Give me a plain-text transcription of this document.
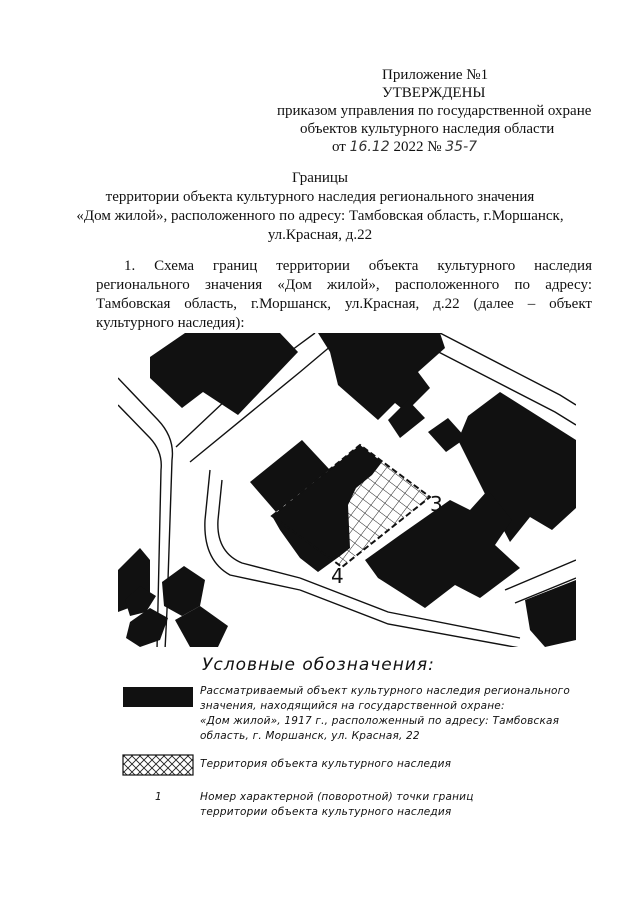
Приложение №1
УТВЕРЖДЕНЫ
приказом управления по государственной охране
объектов культурного наследия области
от 16.12 2022 № 35-7
Границы
территории объекта культурного наследия регионального значения
«Дом жилой», расположенного по адресу: Тамбовская область, г.Моршанск,
ул.Красная, д.22
1. Схема границ территории объекта культурного наследия
регионального значения «Дом жилой», расположенного по адресу:
Тамбовская область, г.Моршанск, ул.Красная, д.22 (далее – объект
культурного наследия):
3
4
Условные обозначения:
Рассматриваемый объект культурного наследия регионального
значения, находящийся на государственной охране:
«Дом жилой», 1917 г., расположенный по адресу: Тамбовская
область, г. Моршанск, ул. Красная, 22
Территория объекта культурного наследия
1	Номер характерной (поворотной) точки границ
территории объекта культурного наследия
